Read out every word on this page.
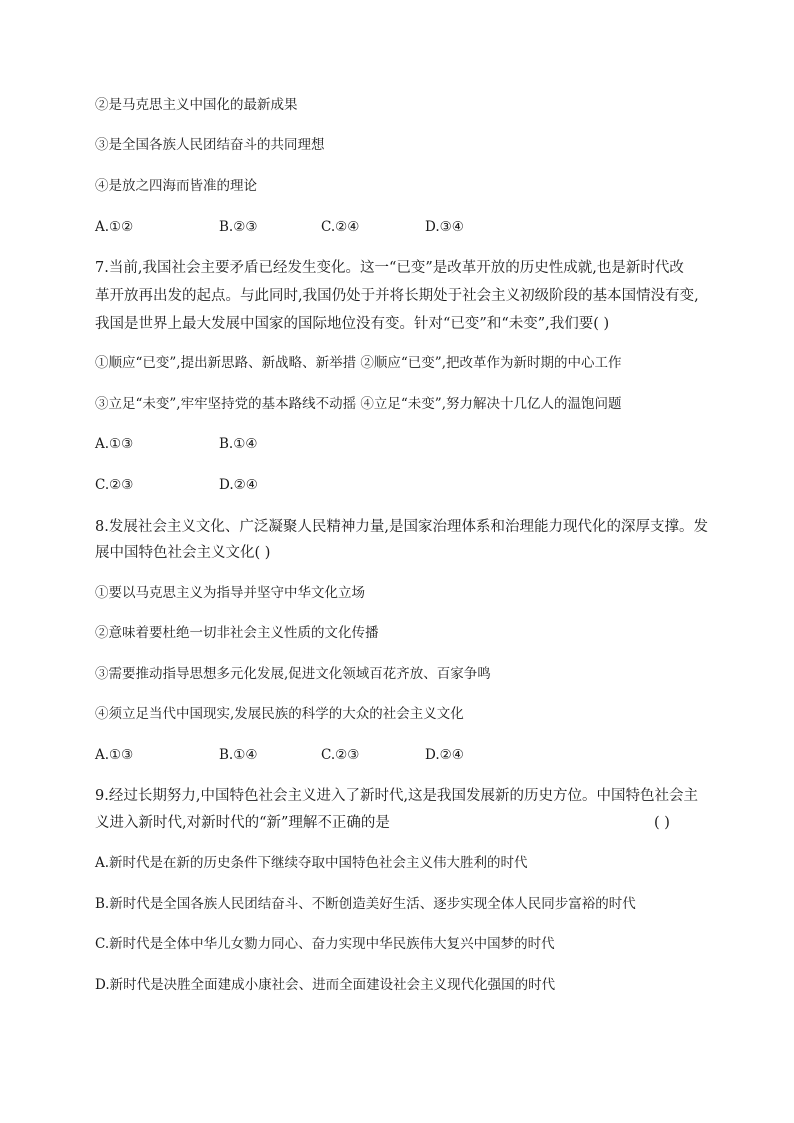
②是马克思主义中国化的最新成果
③是全国各族人民团结奋斗的共同理想
④是放之四海而皆准的理论
A.①②	B.②③	C.②④	D.③④
7.当前,我国社会主要矛盾已经发生变化。这一“已变”是改革开放的历史性成就,也是新时代改
革开放再出发的起点。与此同时,我国仍处于并将长期处于社会主义初级阶段的基本国情没有变,
我国是世界上最大发展中国家的国际地位没有变。针对“已变”和“未变”,我们要( )
①顺应“已变”,提出新思路、新战略、新举措 ②顺应“已变”,把改革作为新时期的中心工作
③立足“未变”,牢牢坚持党的基本路线不动摇 ④立足“未变”,努力解决十几亿人的温饱问题
A.①③	B.①④
C.②③	D.②④
8.发展社会主义文化、广泛凝聚人民精神力量,是国家治理体系和治理能力现代化的深厚支撑。发
展中国特色社会主义文化( )
①要以马克思主义为指导并坚守中华文化立场
②意味着要杜绝一切非社会主义性质的文化传播
③需要推动指导思想多元化发展,促进文化领域百花齐放、百家争鸣
④须立足当代中国现实,发展民族的科学的大众的社会主义文化
A.①③	B.①④	C.②③	D.②④
9.经过长期努力,中国特色社会主义进入了新时代,这是我国发展新的历史方位。中国特色社会主
义进入新时代,对新时代的“新”理解不正确的是	( )
A.新时代是在新的历史条件下继续夺取中国特色社会主义伟大胜利的时代
B.新时代是全国各族人民团结奋斗、不断创造美好生活、逐步实现全体人民同步富裕的时代
C.新时代是全体中华儿女勠力同心、奋力实现中华民族伟大复兴中国梦的时代
D.新时代是决胜全面建成小康社会、进而全面建设社会主义现代化强国的时代
